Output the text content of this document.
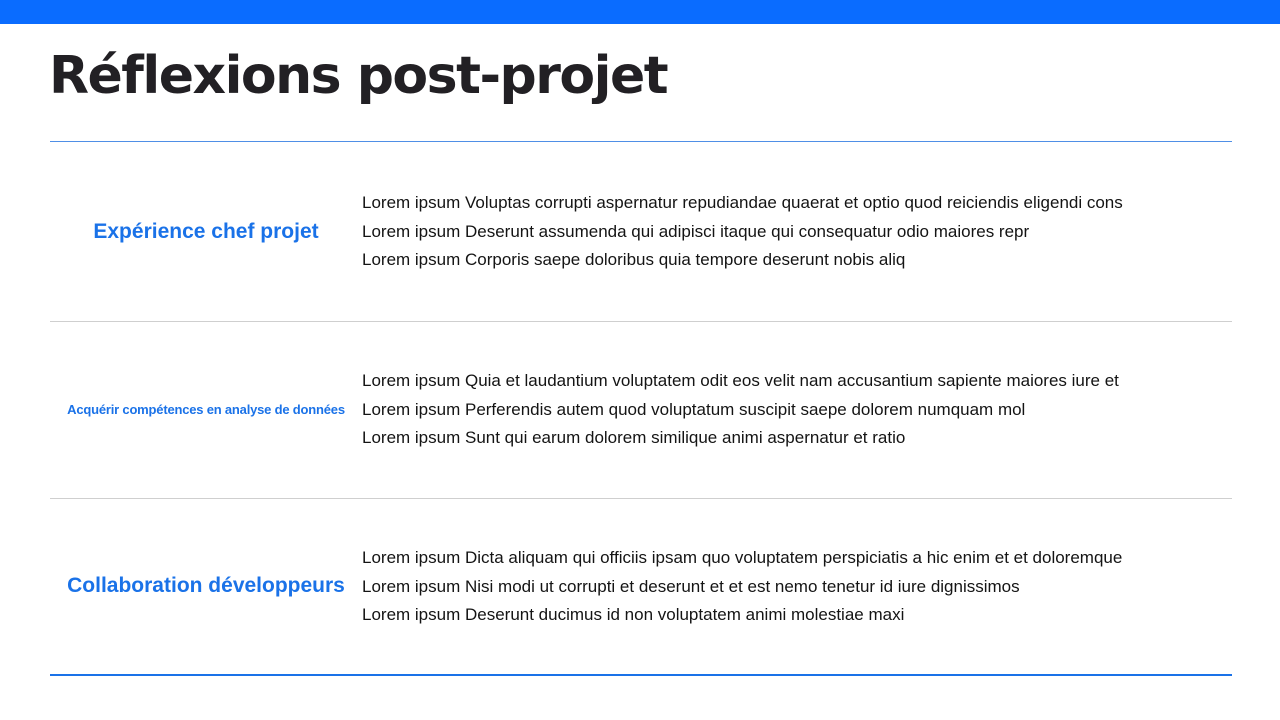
Réflexions post-projet
Expérience chef projet
Lorem ipsum Voluptas corrupti aspernatur repudiandae quaerat et optio quod reiciendis eligendi cons
Lorem ipsum Deserunt assumenda qui adipisci itaque qui consequatur odio maiores repr
Lorem ipsum Corporis saepe doloribus quia tempore deserunt nobis aliq
Acquérir compétences en analyse de données
Lorem ipsum Quia et laudantium voluptatem odit eos velit nam accusantium sapiente maiores iure et
Lorem ipsum Perferendis autem quod voluptatum suscipit saepe dolorem numquam mol
Lorem ipsum Sunt qui earum dolorem similique animi aspernatur et ratio
Collaboration développeurs
Lorem ipsum Dicta aliquam qui officiis ipsam quo voluptatem perspiciatis a hic enim et et doloremque
Lorem ipsum Nisi modi ut corrupti et deserunt et et est nemo tenetur id iure dignissimos
Lorem ipsum Deserunt ducimus id non voluptatem animi molestiae maxi
